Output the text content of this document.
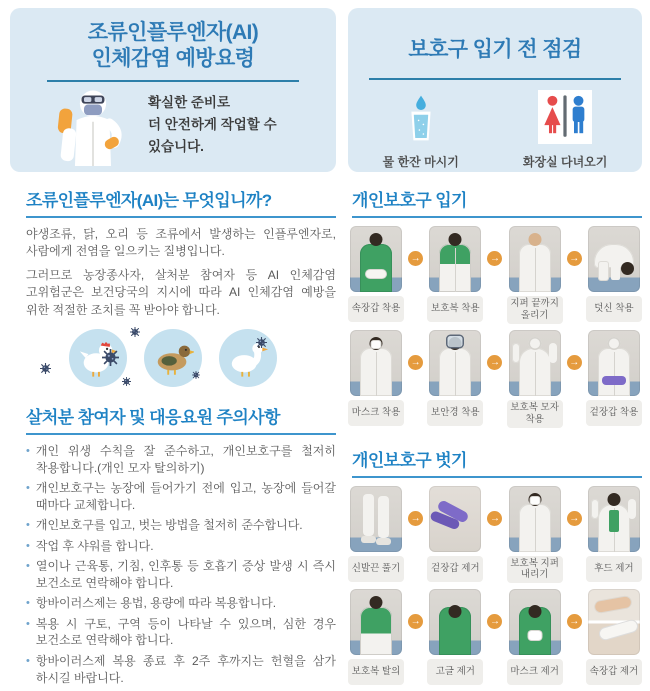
조류인플루엔자(AI)
인체감염 예방요령
확실한 준비로
더 안전하게 작업할 수
있습니다.
조류인플루엔자(AI)는 무엇입니까?

야생조류, 닭, 오리 등 조류에서 발생하는 인플루엔자로, 사람에게 전염을 일으키는 질병입니다.

그러므로 농장종사자, 살처분 참여자 등 AI 인체감염 고위험군은 보건당국의 지시에 따라 AI 인체감염 예방을 위한 적절한 조치를 꼭 받아야 합니다.

살처분 참여자 및 대응요원 주의사항
• 개인 위생 수칙을 잘 준수하고, 개인보호구를 철저히 착용합니다.(개인 모자 탈의하기)
• 개인보호구는 농장에 들어가기 전에 입고, 농장에 들어갈 때마다 교체합니다.
• 개인보호구를 입고, 벗는 방법을 철저히 준수합니다.
• 작업 후 샤워를 합니다.
• 열이나 근육통, 기침, 인후통 등 호흡기 증상 발생 시 즉시 보건소로 연락해야 합니다.
• 항바이러스제는 용법, 용량에 따라 복용합니다.
• 복용 시 구토, 구역 등이 나타날 수 있으며, 심한 경우 보건소로 연락해야 합니다.
• 항바이러스제 복용 종료 후 2주 후까지는 헌혈을 삼가 하시길 바랍니다.
보호구 입기 전 점검
물 한잔 마시기	화장실 다녀오기
개인보호구 입기
속장갑 착용
→
보호복 착용
→
지퍼 끝까지 올리기
→
덧신 착용
마스크 착용
→
보안경 착용
→
보호복 모자 착용
→
겉장갑 착용
개인보호구 벗기
신발끈 풀기
→
겉장갑 제거
→
보호복 지퍼 내리기
→
후드 제거
보호복 탈의
→
고글 제거
→
마스크 제거
→
속장갑 제거
